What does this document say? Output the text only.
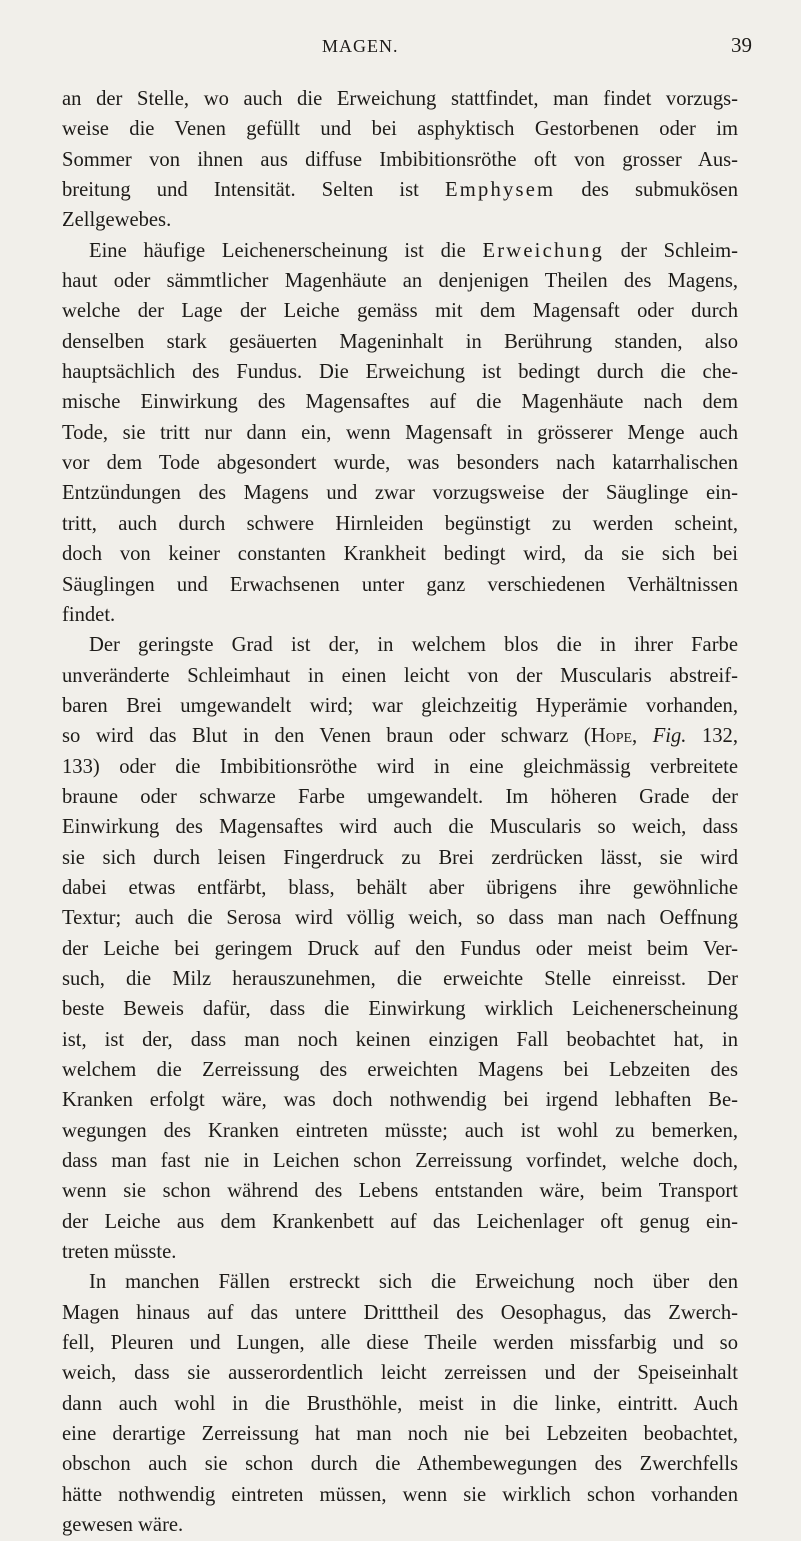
MAGEN.	39
an der Stelle, wo auch die Erweichung stattfindet, man findet vorzugs-
weise die Venen gefüllt und bei asphyktisch Gestorbenen oder im
Sommer von ihnen aus diffuse Imbibitionsröthe oft von grosser Aus-
breitung und Intensität. Selten ist Emphysem des submukösen
Zellgewebes.
Eine häufige Leichenerscheinung ist die Erweichung der Schleim-
haut oder sämmtlicher Magenhäute an denjenigen Theilen des Magens,
welche der Lage der Leiche gemäss mit dem Magensaft oder durch
denselben stark gesäuerten Mageninhalt in Berührung standen, also
hauptsächlich des Fundus. Die Erweichung ist bedingt durch die che-
mische Einwirkung des Magensaftes auf die Magenhäute nach dem
Tode, sie tritt nur dann ein, wenn Magensaft in grösserer Menge auch
vor dem Tode abgesondert wurde, was besonders nach katarrhalischen
Entzündungen des Magens und zwar vorzugsweise der Säuglinge ein-
tritt, auch durch schwere Hirnleiden begünstigt zu werden scheint,
doch von keiner constanten Krankheit bedingt wird, da sie sich bei
Säuglingen und Erwachsenen unter ganz verschiedenen Verhältnissen
findet.
Der geringste Grad ist der, in welchem blos die in ihrer Farbe
unveränderte Schleimhaut in einen leicht von der Muscularis abstreif-
baren Brei umgewandelt wird; war gleichzeitig Hyperämie vorhanden,
so wird das Blut in den Venen braun oder schwarz (Hope, Fig. 132,
133) oder die Imbibitionsröthe wird in eine gleichmässig verbreitete
braune oder schwarze Farbe umgewandelt. Im höheren Grade der
Einwirkung des Magensaftes wird auch die Muscularis so weich, dass
sie sich durch leisen Fingerdruck zu Brei zerdrücken lässt, sie wird
dabei etwas entfärbt, blass, behält aber übrigens ihre gewöhnliche
Textur; auch die Serosa wird völlig weich, so dass man nach Oeffnung
der Leiche bei geringem Druck auf den Fundus oder meist beim Ver-
such, die Milz herauszunehmen, die erweichte Stelle einreisst. Der
beste Beweis dafür, dass die Einwirkung wirklich Leichenerscheinung
ist, ist der, dass man noch keinen einzigen Fall beobachtet hat, in
welchem die Zerreissung des erweichten Magens bei Lebzeiten des
Kranken erfolgt wäre, was doch nothwendig bei irgend lebhaften Be-
wegungen des Kranken eintreten müsste; auch ist wohl zu bemerken,
dass man fast nie in Leichen schon Zerreissung vorfindet, welche doch,
wenn sie schon während des Lebens entstanden wäre, beim Transport
der Leiche aus dem Krankenbett auf das Leichenlager oft genug ein-
treten müsste.
In manchen Fällen erstreckt sich die Erweichung noch über den
Magen hinaus auf das untere Dritttheil des Oesophagus, das Zwerch-
fell, Pleuren und Lungen, alle diese Theile werden missfarbig und so
weich, dass sie ausserordentlich leicht zerreissen und der Speiseinhalt
dann auch wohl in die Brusthöhle, meist in die linke, eintritt. Auch
eine derartige Zerreissung hat man noch nie bei Lebzeiten beobachtet,
obschon auch sie schon durch die Athembewegungen des Zwerchfells
hätte nothwendig eintreten müssen, wenn sie wirklich schon vorhanden
gewesen wäre.
